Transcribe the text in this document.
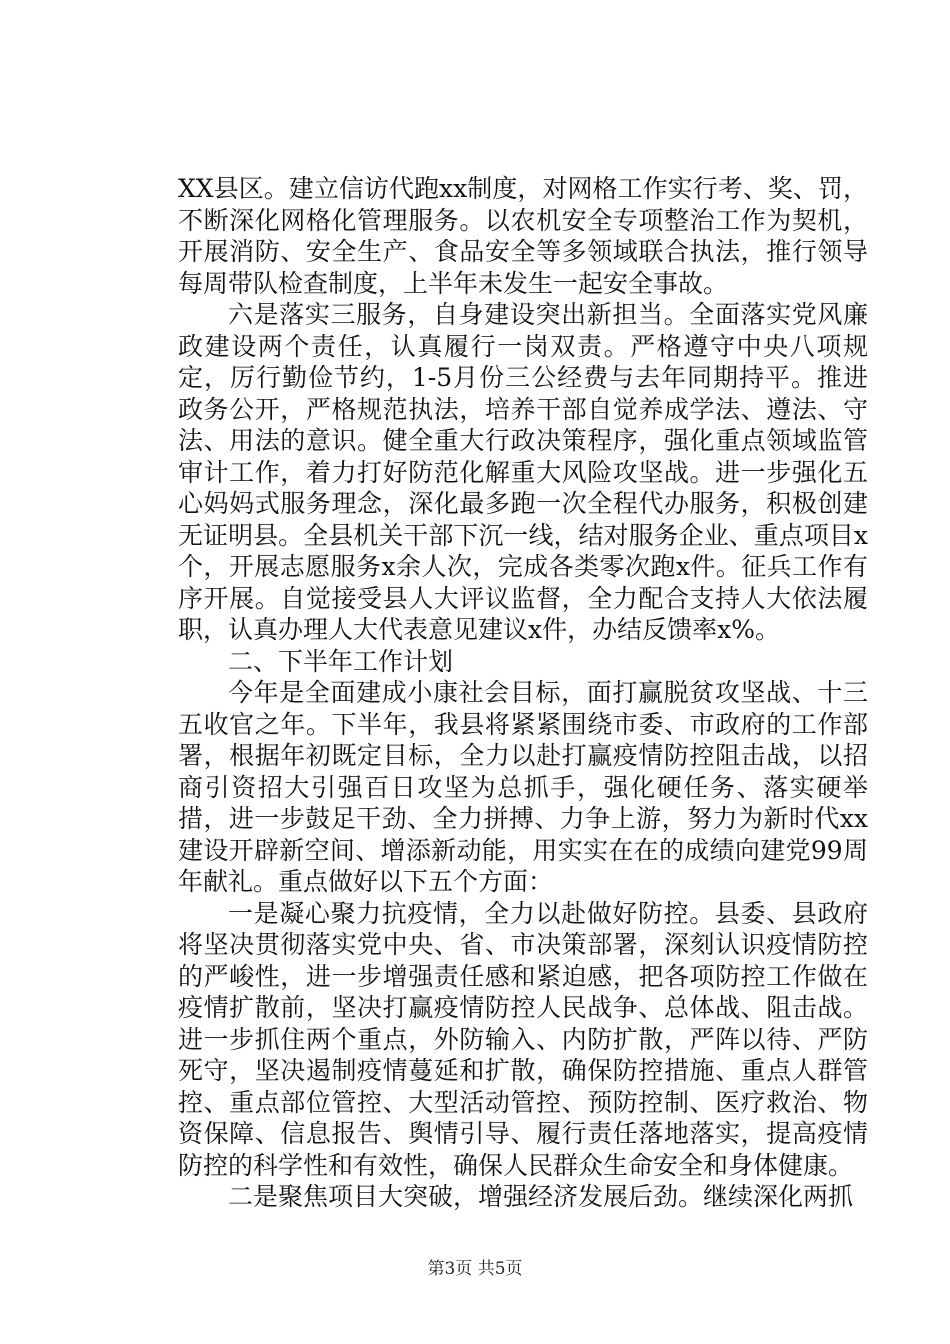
XX县区。建立信访代跑xx制度，对网格工作实行考、奖、罚，不断深化网格化管理服务。以农机安全专项整治工作为契机，开展消防、安全生产、食品安全等多领域联合执法，推行领导每周带队检查制度，上半年未发生一起安全事故。

六是落实三服务，自身建设突出新担当。全面落实党风廉政建设两个责任，认真履行一岗双责。严格遵守中央八项规定，厉行勤俭节约，1-5月份三公经费与去年同期持平。推进政务公开，严格规范执法，培养干部自觉养成学法、遵法、守法、用法的意识。健全重大行政决策程序，强化重点领域监管审计工作，着力打好防范化解重大风险攻坚战。进一步强化五心妈妈式服务理念，深化最多跑一次全程代办服务，积极创建无证明县。全县机关干部下沉一线，结对服务企业、重点项目x个，开展志愿服务x余人次，完成各类零次跑x件。征兵工作有序开展。自觉接受县人大评议监督，全力配合支持人大依法履职，认真办理人大代表意见建议x件，办结反馈率x%。

二、下半年工作计划

今年是全面建成小康社会目标，面打赢脱贫攻坚战、十三五收官之年。下半年，我县将紧紧围绕市委、市政府的工作部署，根据年初既定目标，全力以赴打赢疫情防控阻击战，以招商引资招大引强百日攻坚为总抓手，强化硬任务、落实硬举措，进一步鼓足干劲、全力拼搏、力争上游，努力为新时代xx建设开辟新空间、增添新动能，用实实在在的成绩向建党99周年献礼。重点做好以下五个方面：

一是凝心聚力抗疫情，全力以赴做好防控。县委、县政府将坚决贯彻落实党中央、省、市决策部署，深刻认识疫情防控的严峻性，进一步增强责任感和紧迫感，把各项防控工作做在疫情扩散前，坚决打赢疫情防控人民战争、总体战、阻击战。进一步抓住两个重点，外防输入、内防扩散，严阵以待、严防死守，坚决遏制疫情蔓延和扩散，确保防控措施、重点人群管控、重点部位管控、大型活动管控、预防控制、医疗救治、物资保障、信息报告、舆情引导、履行责任落地落实，提高疫情防控的科学性和有效性，确保人民群众生命安全和身体健康。

二是聚焦项目大突破，增强经济发展后劲。继续深化两抓

第3页 共5页
